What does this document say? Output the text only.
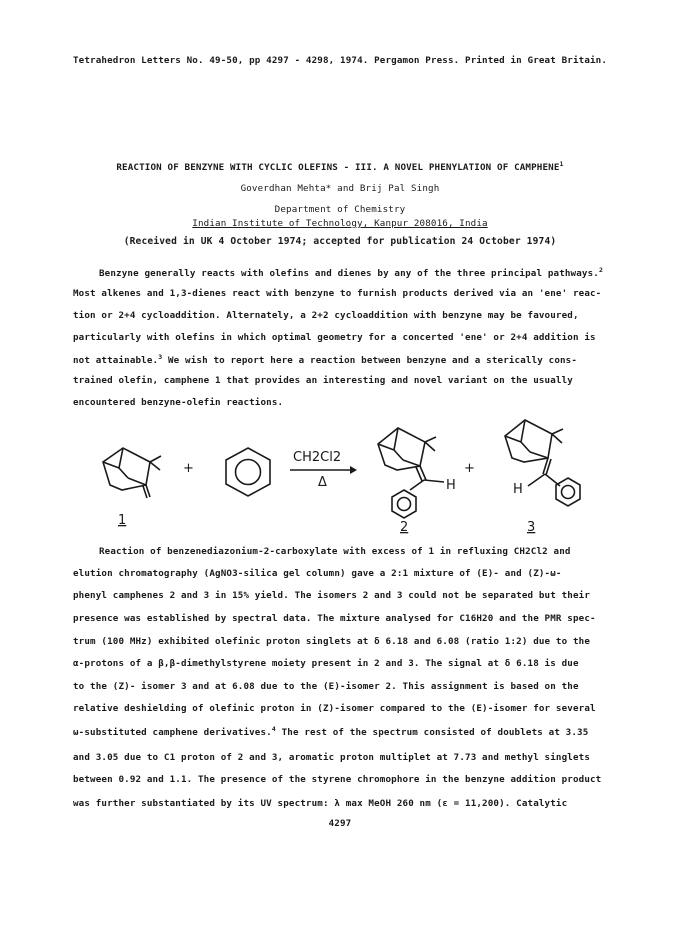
Tetrahedron Letters No. 49-50, pp 4297 - 4298, 1974. Pergamon Press. Printed in Great Britain.
REACTION OF BENZYNE WITH CYCLIC OLEFINS - III. A NOVEL PHENYLATION OF CAMPHENE$^1$
Goverdhan Mehta* and Brij Pal Singh
Department of Chemistry
Indian Institute of Technology, Kanpur 208016, India
(Received in UK 4 October 1974; accepted for publication 24 October 1974)
Benzyne generally reacts with olefins and dienes by any of the three principal pathways.$^2$
Most alkenes and 1,3-dienes react with benzyne to furnish products derived via an 'ene' reac-
tion or 2+4 cycloaddition. Alternately, a 2+2 cycloaddition with benzyne may be favoured,
particularly with olefins in which optimal geometry for a concerted 'ene' or 2+4 addition is
not attainable.$^3$ We wish to report here a reaction between benzyne and a sterically cons-
trained olefin, camphene 1 that provides an interesting and novel variant on the usually
encountered benzyne-olefin reactions.
+
CH2Cl2
Δ	H
+
H
1	2	3
Reaction of benzenediazonium-2-carboxylate with excess of 1 in refluxing CH2Cl2 and
elution chromatography (AgNO3-silica gel column) gave a 2:1 mixture of (E)- and (Z)-ω-
phenyl camphenes 2 and 3 in 15% yield. The isomers 2 and 3 could not be separated but their
presence was established by spectral data. The mixture analysed for C16H20 and the PMR spec-
trum (100 MHz) exhibited olefinic proton singlets at δ 6.18 and 6.08 (ratio 1:2) due to the
α-protons of a β,β-dimethylstyrene moiety present in 2 and 3. The signal at δ 6.18 is due
to the (Z)- isomer 3 and at 6.08 due to the (E)-isomer 2. This assignment is based on the
relative deshielding of olefinic proton in (Z)-isomer compared to the (E)-isomer for several
ω-substituted camphene derivatives.$^4$ The rest of the spectrum consisted of doublets at 3.35
and 3.05 due to C1 proton of 2 and 3, aromatic proton multiplet at 7.73 and methyl singlets
between 0.92 and 1.1. The presence of the styrene chromophore in the benzyne addition product
was further substantiated by its UV spectrum: λ max MeOH 260 nm (ε = 11,200). Catalytic
4297
